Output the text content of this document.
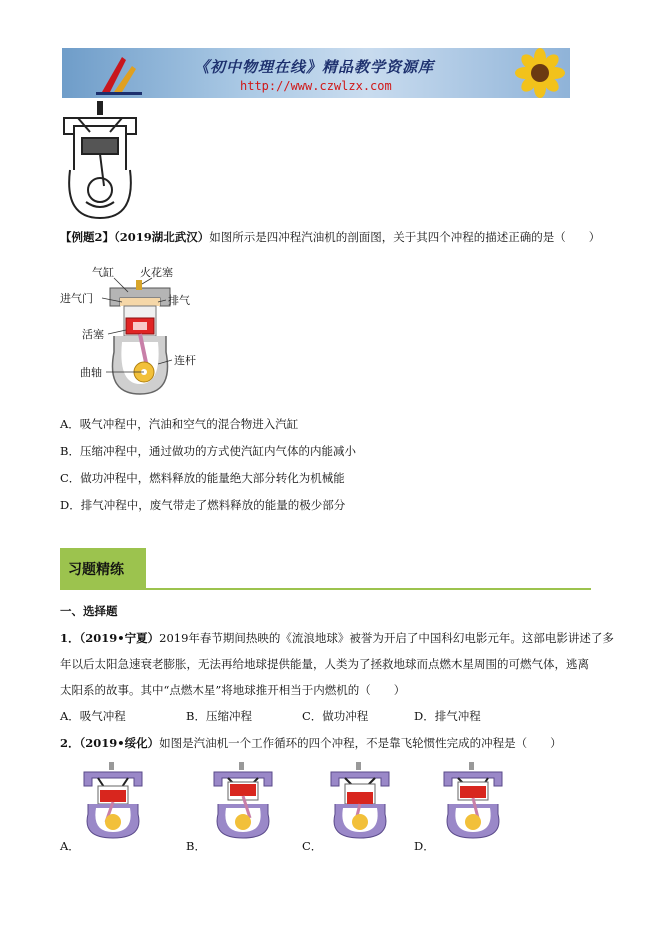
《初中物理在线》精品教学资源库
http://www.czwlzx.com
【例题2】（2019湖北武汉）如图所示是四冲程汽油机的剖面图，关于其四个冲程的描述正确的是（　　）
气缸 火花塞
进气门	排气
活塞
连杆
曲轴
A．吸气冲程中，汽油和空气的混合物进入汽缸
B．压缩冲程中，通过做功的方式使汽缸内气体的内能减小
C．做功冲程中，燃料释放的能量绝大部分转化为机械能
D．排气冲程中，废气带走了燃料释放的能量的极少部分
习题精练
一、选择题
1．（2019•宁夏）2019年春节期间热映的《流浪地球》被誉为开启了中国科幻电影元年。这部电影讲述了多
年以后太阳急速衰老膨胀，无法再给地球提供能量，人类为了拯救地球而点燃木星周围的可燃气体，逃离
太阳系的故事。其中“点燃木星”将地球推开相当于内燃机的（　　）
A．吸气冲程	B．压缩冲程	C．做功冲程	D．排气冲程
2．（2019•绥化）如图是汽油机一个工作循环的四个冲程，不是靠飞轮惯性完成的冲程是（　　）
A．	B．	C．	D．
